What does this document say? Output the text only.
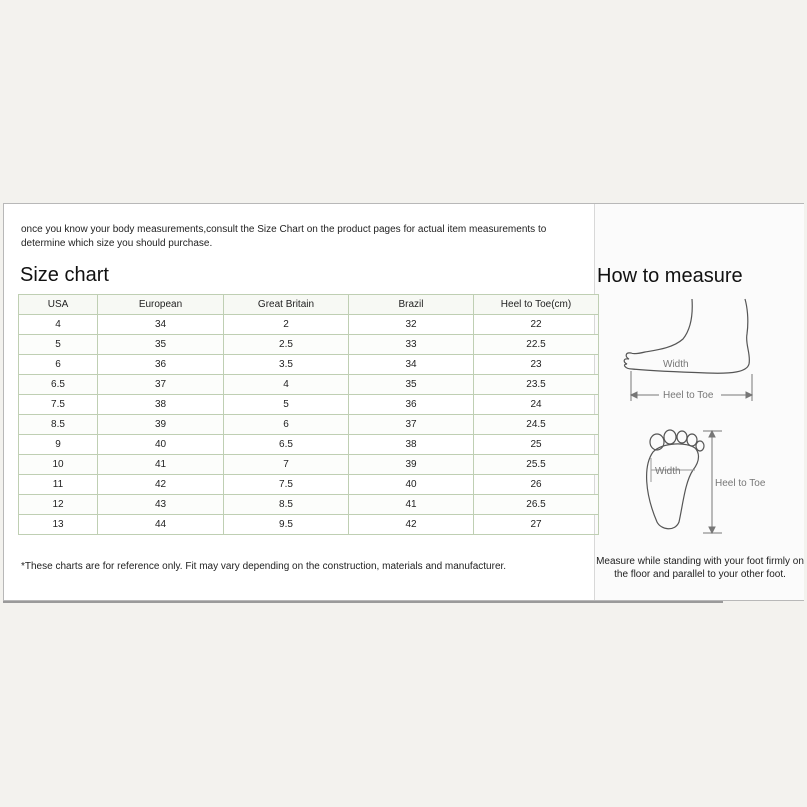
once you know your body measurements,consult the Size Chart on the product pages for actual item measurements to determine which size you should purchase.
Size chart	How to measure
USA	European	Great Britain	Brazil	Heel to Toe(cm)
4	34	2	32	22
5	35	2.5	33	22.5
6	36	3.5	34	23
6.5	37	4	35	23.5
7.5	38	5	36	24
8.5	39	6	37	24.5
9	40	6.5	38	25
10	41	7	39	25.5
11	42	7.5	40	26
12	43	8.5	41	26.5
13	44	9.5	42	27
*These charts are for reference only. Fit may vary depending on the construction, materials and manufacturer.
Width
Heel to Toe
Width
Heel to Toe
Measure while standing with your foot firmly on the floor and parallel to your other foot.
